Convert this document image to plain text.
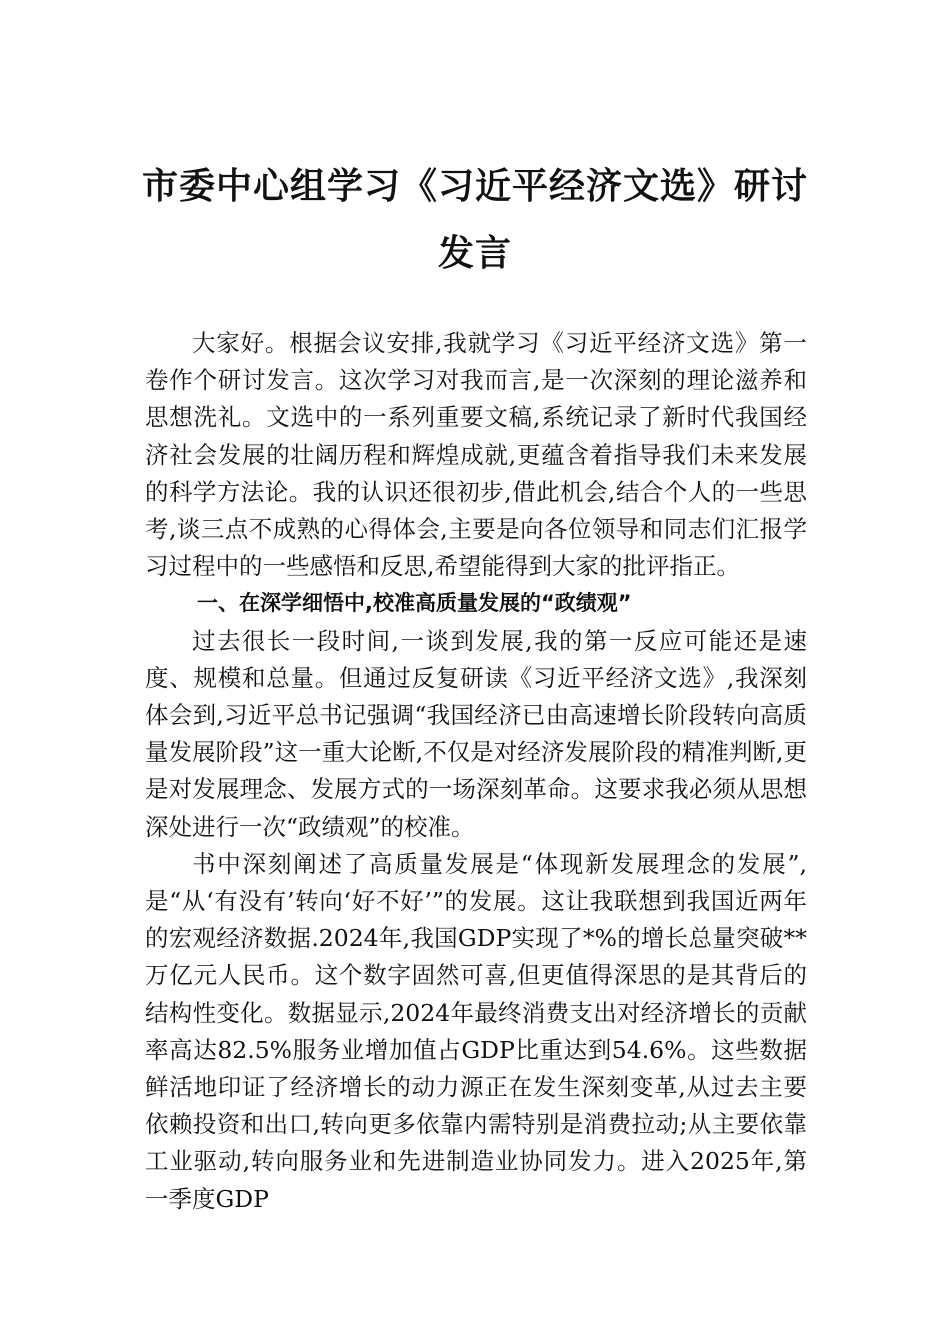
市委中心组学习《习近平经济文选》研讨
发言

大家好。根据会议安排,我就学习《习近平经济文选》第一卷作个研讨发言。这次学习对我而言,是一次深刻的理论滋养和思想洗礼。文选中的一系列重要文稿,系统记录了新时代我国经济社会发展的壮阔历程和辉煌成就,更蕴含着指导我们未来发展的科学方法论。我的认识还很初步,借此机会,结合个人的一些思考,谈三点不成熟的心得体会,主要是向各位领导和同志们汇报学习过程中的一些感悟和反思,希望能得到大家的批评指正。

一、在深学细悟中,校准高质量发展的“政绩观”

过去很长一段时间,一谈到发展,我的第一反应可能还是速度、规模和总量。但通过反复研读《习近平经济文选》,我深刻体会到,习近平总书记强调“我国经济已由高速增长阶段转向高质量发展阶段”这一重大论断,不仅是对经济发展阶段的精准判断,更是对发展理念、发展方式的一场深刻革命。这要求我必须从思想深处进行一次“政绩观”的校准。

书中深刻阐述了高质量发展是“体现新发展理念的发展”,是“从‘有没有’转向‘好不好’”的发展。这让我联想到我国近两年的宏观经济数据.2024年,我国GDP实现了*%的增长总量突破**万亿元人民币。这个数字固然可喜,但更值得深思的是其背后的结构性变化。数据显示,2024年最终消费支出对经济增长的贡献率高达82.5%服务业增加值占GDP比重达到54.6%。这些数据鲜活地印证了经济增长的动力源正在发生深刻变革,从过去主要依赖投资和出口,转向更多依靠内需特别是消费拉动;从主要依靠工业驱动,转向服务业和先进制造业协同发力。进入2025年,第一季度GDP
